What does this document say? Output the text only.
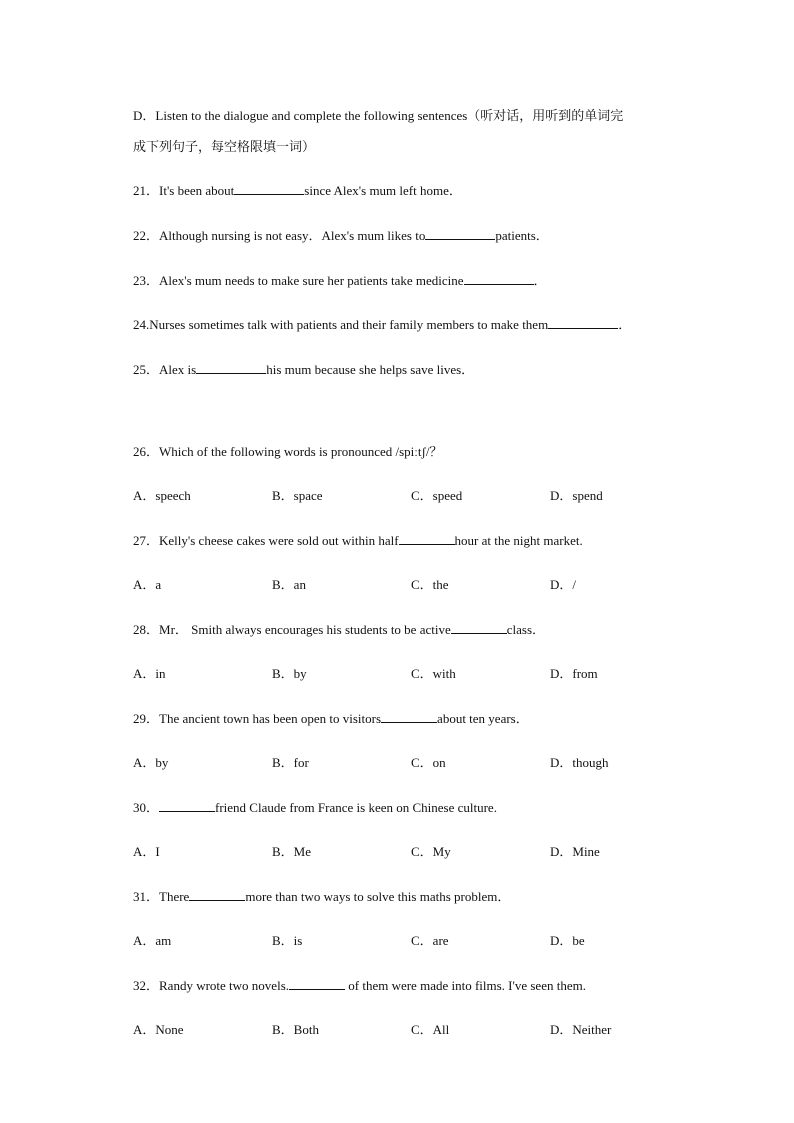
D．Listen to the dialogue and complete the following sentences（听对话，用听到的单词完
成下列句子，每空格限填一词）
21．It's been about	since Alex's mum left home．
22．Although nursing is not easy．Alex's mum likes to	patients．
23．Alex's mum needs to make sure her patients take medicine	．
24.Nurses sometimes talk with patients and their family members to make them	．
25．Alex is	his mum because she helps save lives．
26．Which of the following words is pronounced /spiːtʃ/？
A．speech	B．space	C．speed	D．spend
27．Kelly's cheese cakes were sold out within half	hour at the night market.
A．a	B．an	C．the	D．/
28．Mr． Smith always encourages his students to be active	class．
A．in	B．by	C．with	D．from
29．The ancient town has been open to visitors	about ten years．
A．by	B．for	C．on	D．though
30．	friend Claude from France is keen on Chinese culture.
A．I	B．Me	C．My	D．Mine
31．There	more than two ways to solve this maths problem．
A．am	B．is	C．are	D．be
32．Randy wrote two novels.	of them were made into films. I've seen them.
A．None	B．Both	C．All	D．Neither
